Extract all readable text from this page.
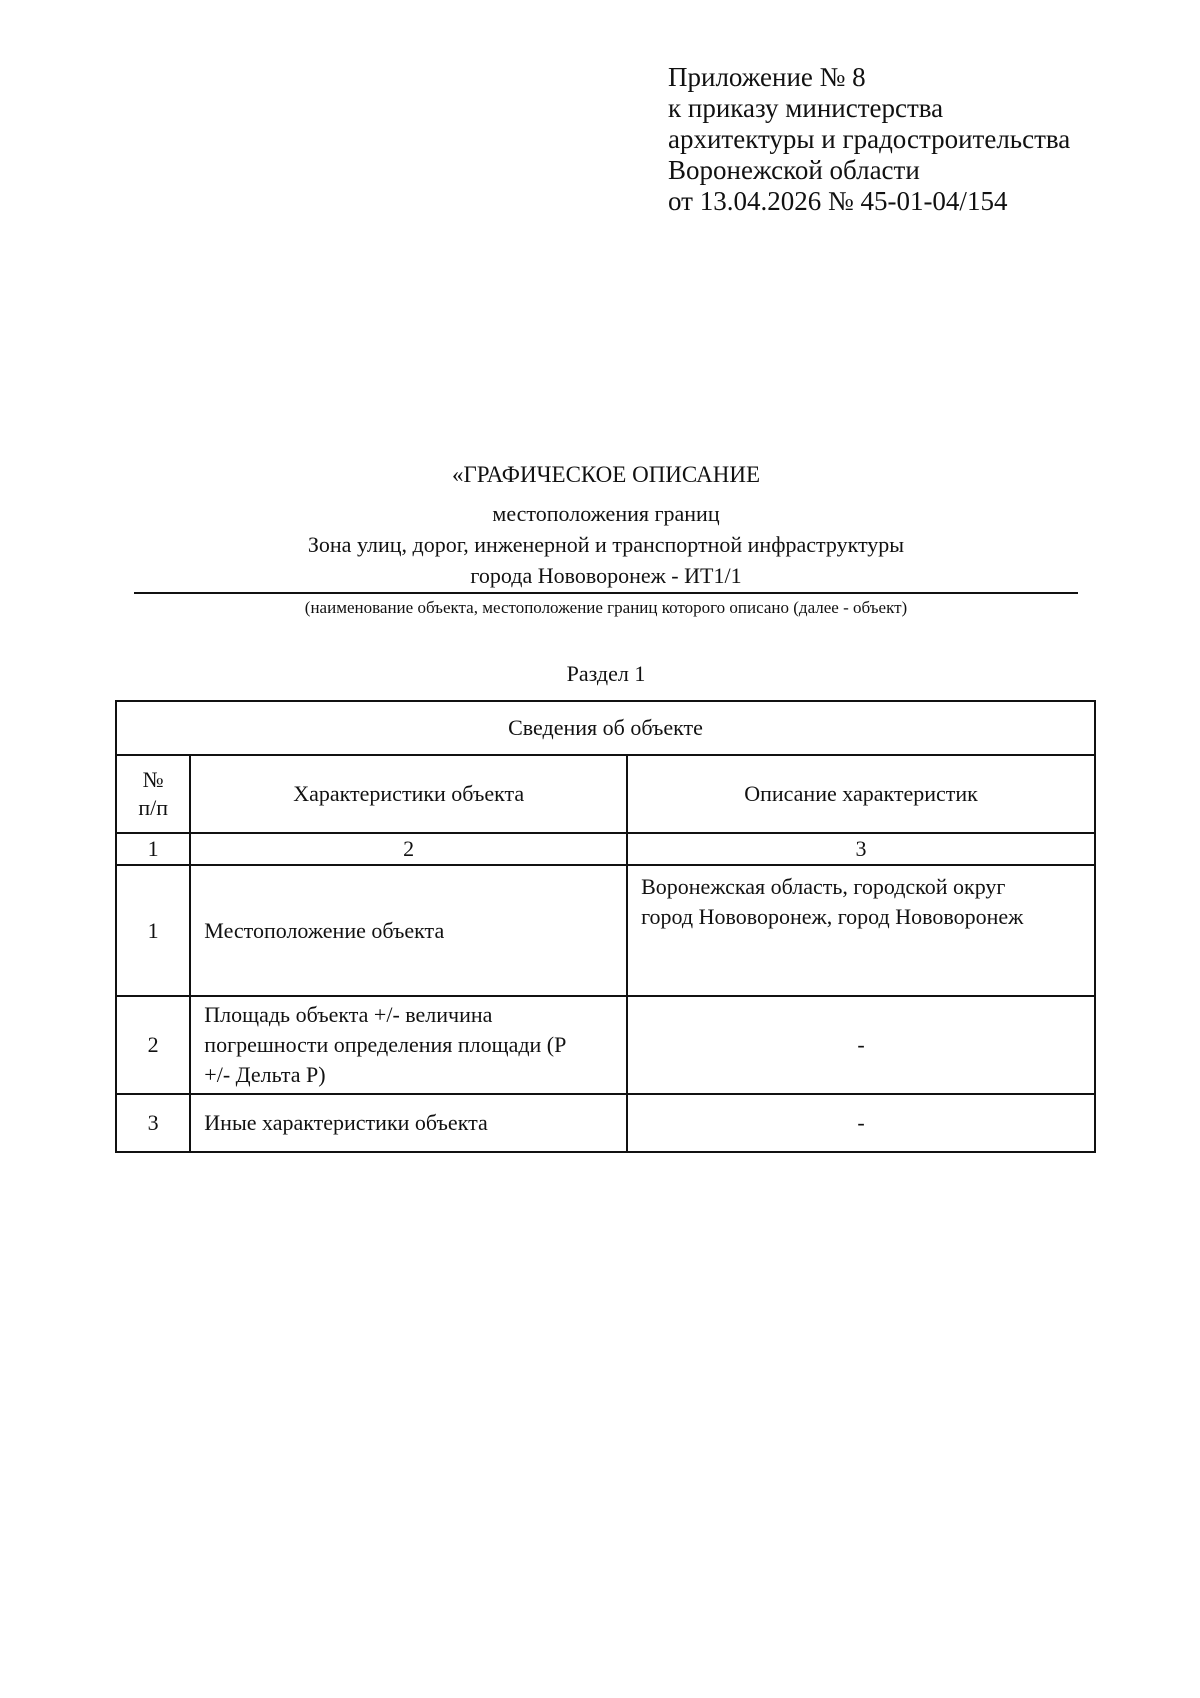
Приложение № 8
к приказу министерства
архитектуры и градостроительства
Воронежской области
от 13.04.2026 № 45-01-04/154
«ГРАФИЧЕСКОЕ ОПИСАНИЕ
местоположения границ
Зона улиц, дорог, инженерной и транспортной инфраструктуры
города Нововоронеж - ИТ1/1
(наименование объекта, местоположение границ которого описано (далее - объект)
Раздел 1
Сведения об объекте		

№
п/п	Характеристики объекта	Описание характеристик
1	2	3
1	Местоположение объекта	Воронежская область, городской округ
город Нововоронеж, город Нововоронеж

2	Площадь объекта +/- величина
погрешности определения площади (Р
+/- Дельта Р)	-
3	Иные характеристики объекта	-
